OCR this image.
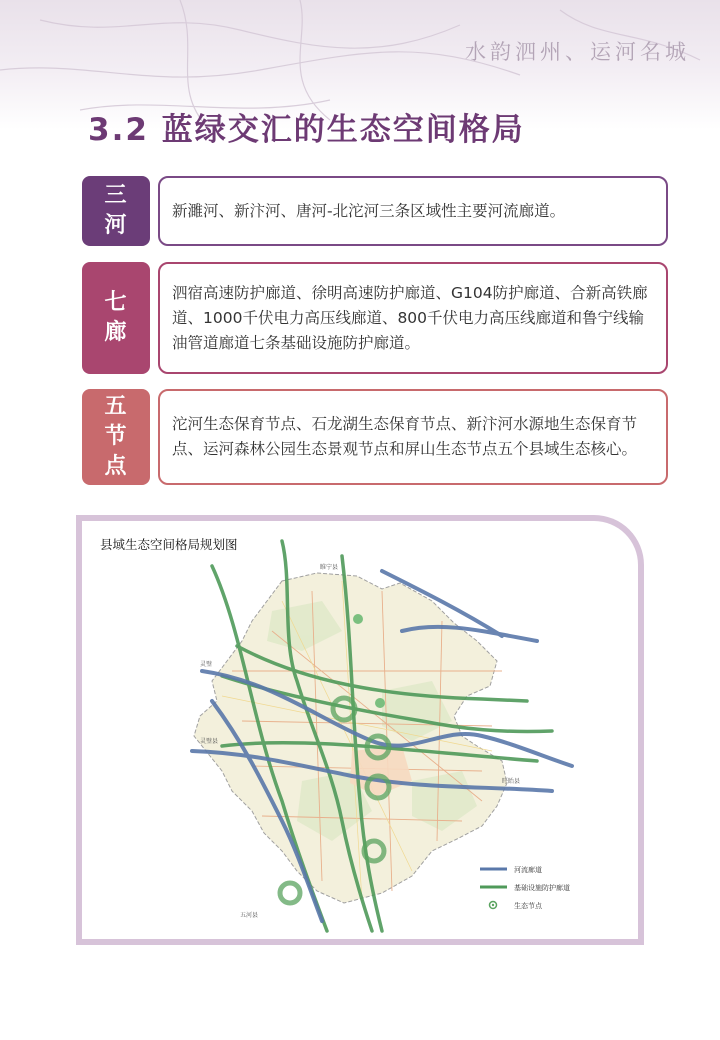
水韵泗州、运河名城
3.2 蓝绿交汇的生态空间格局
三
河
新濉河、新汴河、唐河-北沱河三条区域性主要河流廊道。
七
廊
泗宿高速防护廊道、徐明高速防护廊道、G104防护廊道、合新高铁廊道、1000千伏电力高压线廊道、800千伏电力高压线廊道和鲁宁线输油管道廊道七条基础设施防护廊道。
五
节
点
沱河生态保育节点、石龙湖生态保育节点、新汴河水源地生态保育节点、运河森林公园生态景观节点和屏山生态节点五个县域生态核心。
睢宁县
灵璧
灵璧县
盱眙县
五河县
河流廊道
基础设施防护廊道
生态节点
县域生态空间格局规划图
